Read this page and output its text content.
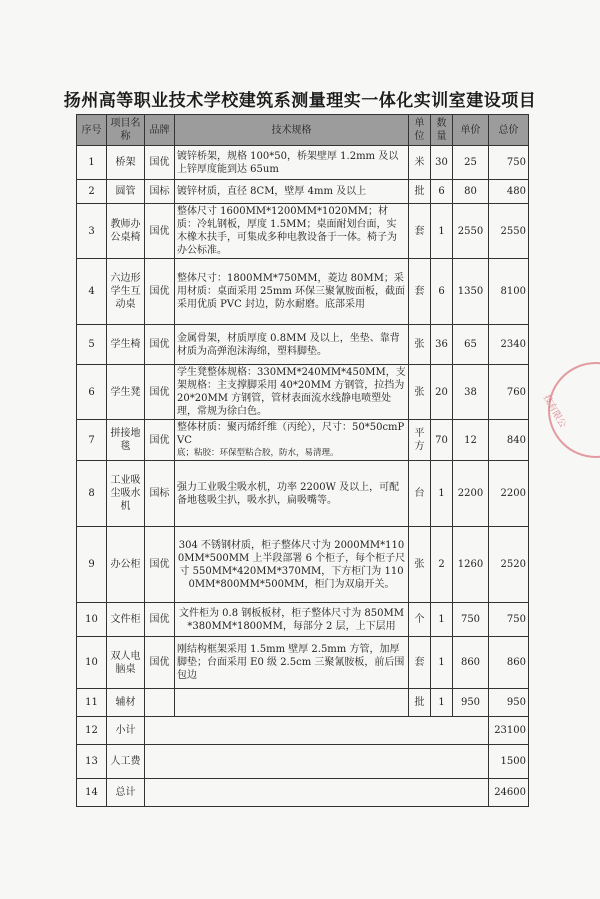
扬州高等职业技术学校建筑系测量理实一体化实训室建设项目
序号	项目名称	品牌	技术规格	单位	数量	单价	总价
1	桥架	国优	镀锌桥架，规格 100*50，桥架壁厚 1.2mm 及以上锌厚度能到达 65um	米	30	25	750
2	圆管	国标	镀锌材质，直径 8CM，壁厚 4mm 及以上	批	6	80	480
3	教师办公桌椅	国优	整体尺寸 1600MM*1200MM*1020MM；材质：冷轧钢板，厚度 1.5MM；桌面耐划台面，实木橡木扶手，可集成多种电教设备于一体。椅子为办公标准。	套	1	2550	2550
4	六边形学生互动桌	国优	整体尺寸：1800MM*750MM，菱边 80MM；采用材质：桌面采用 25mm 环保三聚氰胺面板，截面采用优质 PVC 封边，防水耐磨。底部采用	套	6	1350	8100
5	学生椅	国优	金属骨架，材质厚度 0.8MM 及以上，坐垫、靠背材质为高弹泡沫海绵，塑料脚垫。	张	36	65	2340
6	学生凳	国优	学生凳整体规格：330MM*240MM*450MM，支架规格：主支撑脚采用 40*20MM 方钢管，拉挡为 20*20MM 方钢管，管材表面流水线静电喷塑处理，常规为徐白色。	张	20	38	760
7	拼接地毯	国优	整体材质：聚丙烯纤维（丙纶），尺寸：50*50cmPVC
底；粘胶：环保型粘合胶，防水，易清理。	平方	70	12	840
8	工业吸尘吸水机	国标	强力工业吸尘吸水机，功率 2200W 及以上，可配备地毯吸尘扒，吸水扒，扁吸嘴等。	台	1	2200	2200
9	办公柜	国优	304 不锈钢材质，柜子整体尺寸为 2000MM*1100MM*500MM 上半段部署 6 个柜子，每个柜子尺寸 550MM*420MM*370MM，下方柜门为 1100MM*800MM*500MM，柜门为双扇开关。	张	2	1260	2520
10	文件柜	国优	文件柜为 0.8 钢板板材，柜子整体尺寸为 850MM*380MM*1800MM，每部分 2 层，上下层用	个	1	750	750
10	双人电脑桌	国优	刚结构框架采用 1.5mm 壁厚 2.5mm 方管，加厚脚垫；台面采用 E0 级 2.5cm 三聚氰胺板，前后围包边	套	1	860	860
11	辅材			批	1	950	950
12	小计						23100
13	人工费						1500
14	总计						24600
技有限公
